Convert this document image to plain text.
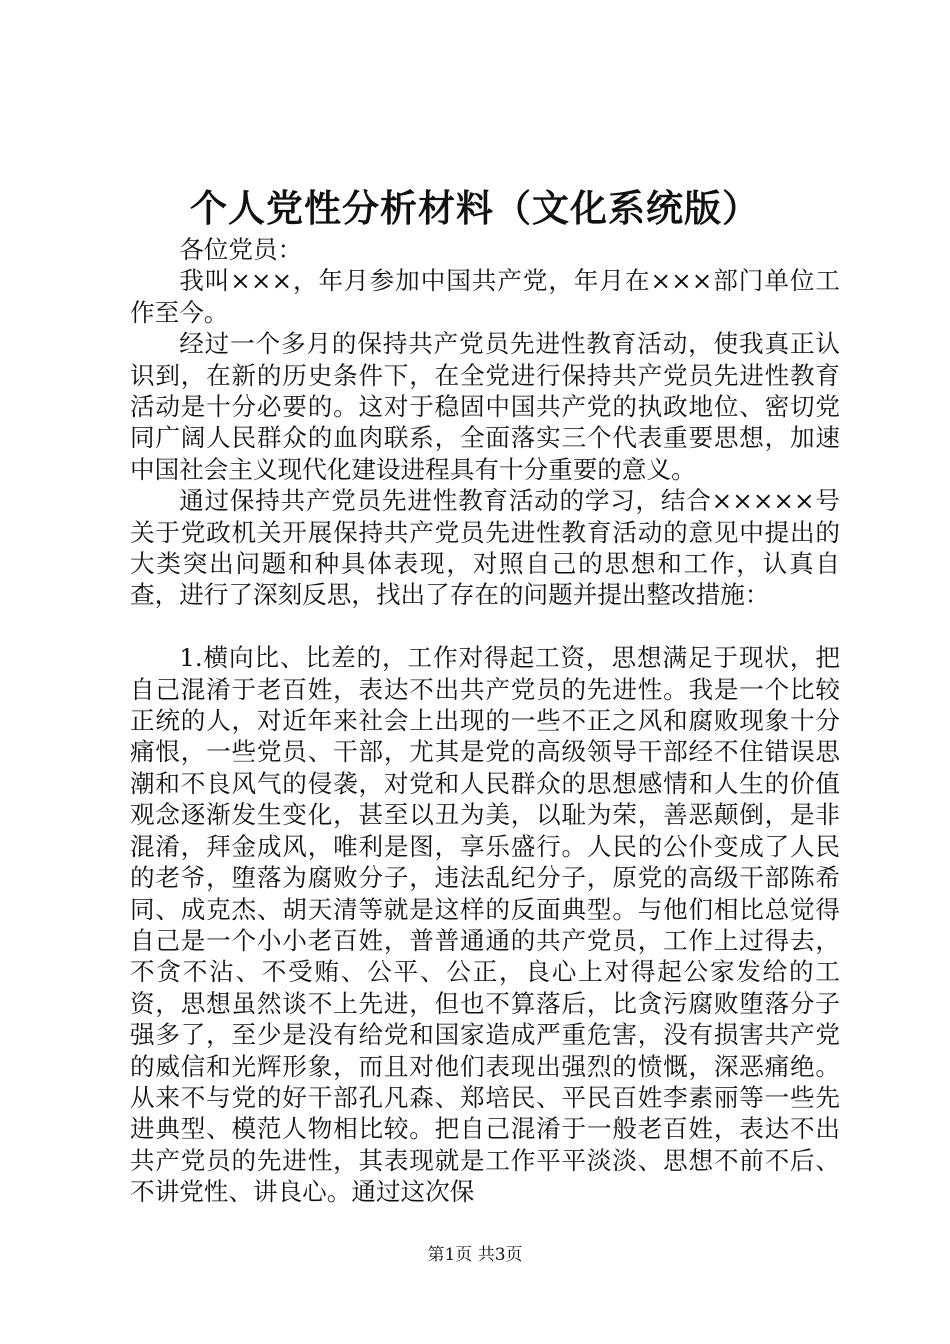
个人党性分析材料（文化系统版）

各位党员：

我叫×××，年月参加中国共产党，年月在×××部门单位工作至今。

经过一个多月的保持共产党员先进性教育活动，使我真正认识到，在新的历史条件下，在全党进行保持共产党员先进性教育活动是十分必要的。这对于稳固中国共产党的执政地位、密切党同广阔人民群众的血肉联系，全面落实三个代表重要思想，加速中国社会主义现代化建设进程具有十分重要的意义。

通过保持共产党员先进性教育活动的学习，结合×××××号关于党政机关开展保持共产党员先进性教育活动的意见中提出的大类突出问题和种具体表现，对照自己的思想和工作，认真自查，进行了深刻反思，找出了存在的问题并提出整改措施：

1.横向比、比差的，工作对得起工资，思想满足于现状，把自己混淆于老百姓，表达不出共产党员的先进性。我是一个比较正统的人，对近年来社会上出现的一些不正之风和腐败现象十分痛恨，一些党员、干部，尤其是党的高级领导干部经不住错误思潮和不良风气的侵袭，对党和人民群众的思想感情和人生的价值观念逐渐发生变化，甚至以丑为美，以耻为荣，善恶颠倒，是非混淆，拜金成风，唯利是图，享乐盛行。人民的公仆变成了人民的老爷，堕落为腐败分子，违法乱纪分子，原党的高级干部陈希同、成克杰、胡天清等就是这样的反面典型。与他们相比总觉得自己是一个小小老百姓，普普通通的共产党员，工作上过得去，不贪不沾、不受贿、公平、公正，良心上对得起公家发给的工资，思想虽然谈不上先进，但也不算落后，比贪污腐败堕落分子强多了，至少是没有给党和国家造成严重危害，没有损害共产党的威信和光辉形象，而且对他们表现出强烈的愤慨，深恶痛绝。从来不与党的好干部孔凡森、郑培民、平民百姓李素丽等一些先进典型、模范人物相比较。把自己混淆于一般老百姓，表达不出共产党员的先进性，其表现就是工作平平淡淡、思想不前不后、不讲党性、讲良心。通过这次保

第1页 共3页
